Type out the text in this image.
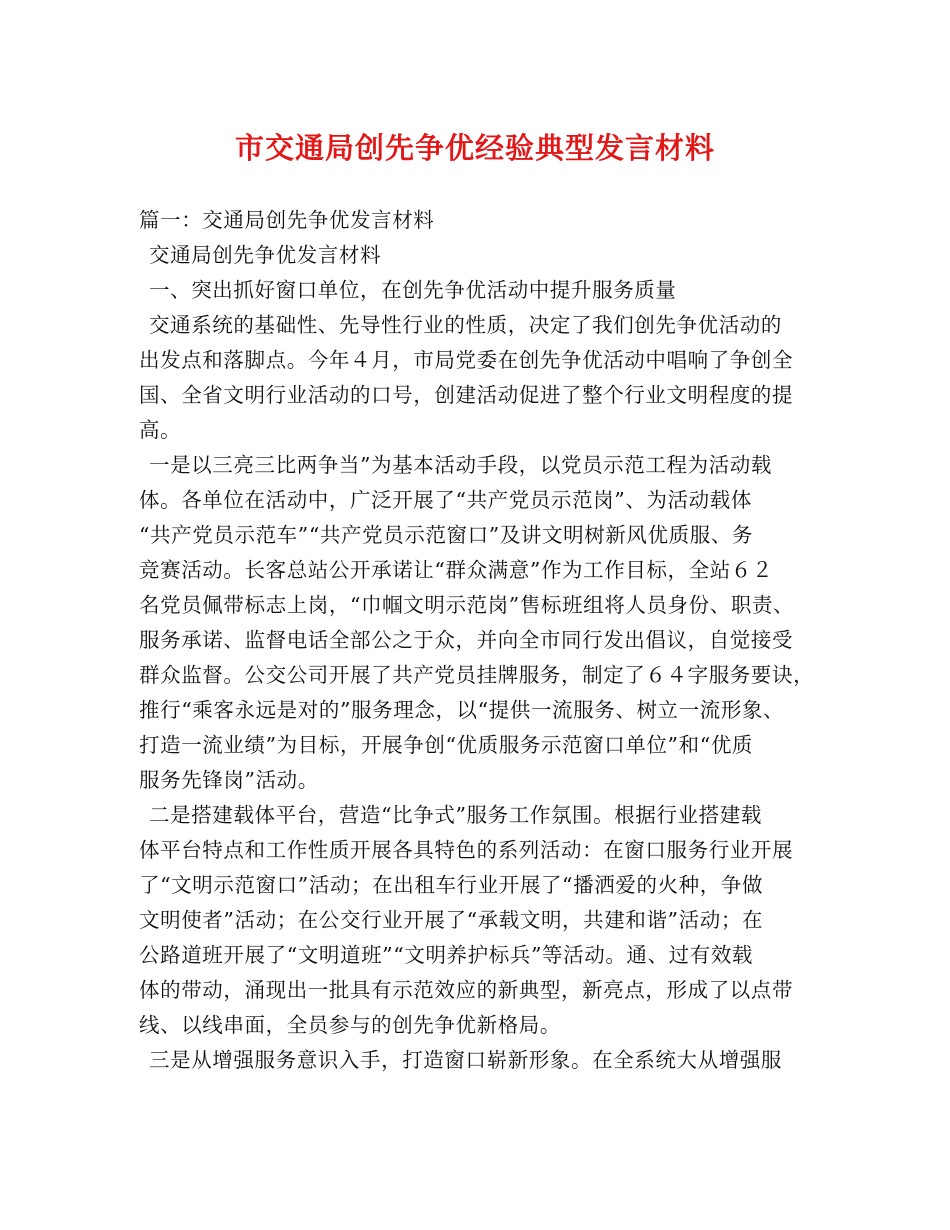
市交通局创先争优经验典型发言材料
篇一：交通局创先争优发言材料
交通局创先争优发言材料
一、突出抓好窗口单位，在创先争优活动中提升服务质量
交通系统的基础性、先导性行业的性质，决定了我们创先争优活动的
出发点和落脚点。今年４月，市局党委在创先争优活动中唱响了争创全
国、全省文明行业活动的口号，创建活动促进了整个行业文明程度的提
高。
一是以三亮三比两争当”为基本活动手段，以党员示范工程为活动载
体。各单位在活动中，广泛开展了“共产党员示范岗”、为活动载体
“共产党员示范车”“共产党员示范窗口”及讲文明树新风优质服、务
竞赛活动。长客总站公开承诺让“群众满意”作为工作目标，全站６２
名党员佩带标志上岗，“巾帼文明示范岗”售标班组将人员身份、职责、
服务承诺、监督电话全部公之于众，并向全市同行发出倡议，自觉接受
群众监督。公交公司开展了共产党员挂牌服务，制定了６４字服务要诀，
推行“乘客永远是对的”服务理念，以“提供一流服务、树立一流形象、
打造一流业绩”为目标，开展争创“优质服务示范窗口单位”和“优质
服务先锋岗”活动。
二是搭建载体平台，营造“比争式”服务工作氛围。根据行业搭建载
体平台特点和工作性质开展各具特色的系列活动：在窗口服务行业开展
了“文明示范窗口”活动；在出租车行业开展了“播洒爱的火种，争做
文明使者”活动；在公交行业开展了“承载文明，共建和谐”活动；在
公路道班开展了“文明道班”“文明养护标兵”等活动。通、过有效载
体的带动，涌现出一批具有示范效应的新典型，新亮点，形成了以点带
线、以线串面，全员参与的创先争优新格局。
三是从增强服务意识入手，打造窗口崭新形象。在全系统大从增强服
